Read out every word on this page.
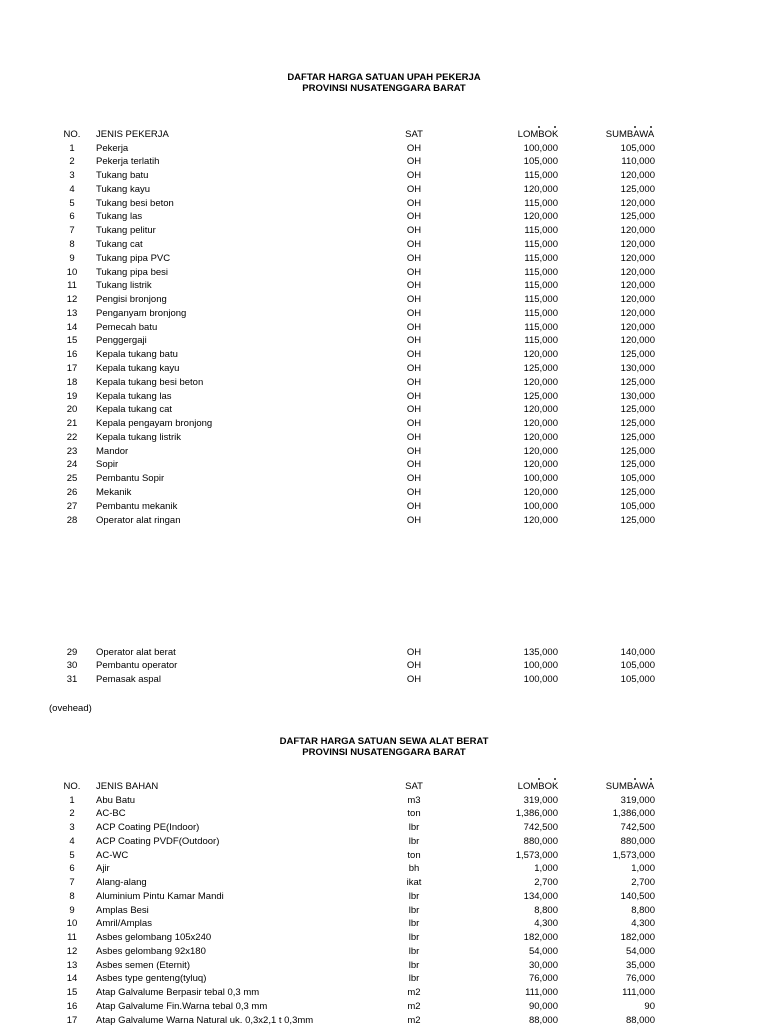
DAFTAR HARGA SATUAN UPAH PEKERJA
PROVINSI NUSATENGGARA BARAT
NO.	JENIS PEKERJA	SAT	LOMBOK	SUMBAWA
1	Pekerja	OH	100,000	105,000
2	Pekerja terlatih	OH	105,000	110,000
3	Tukang batu	OH	115,000	120,000
4	Tukang kayu	OH	120,000	125,000
5	Tukang besi beton	OH	115,000	120,000
6	Tukang las	OH	120,000	125,000
7	Tukang pelitur	OH	115,000	120,000
8	Tukang cat	OH	115,000	120,000
9	Tukang pipa PVC	OH	115,000	120,000
10	Tukang pipa besi	OH	115,000	120,000
11	Tukang listrik	OH	115,000	120,000
12	Pengisi bronjong	OH	115,000	120,000
13	Penganyam bronjong	OH	115,000	120,000
14	Pemecah batu	OH	115,000	120,000
15	Penggergaji	OH	115,000	120,000
16	Kepala tukang batu	OH	120,000	125,000
17	Kepala tukang kayu	OH	125,000	130,000
18	Kepala tukang besi beton	OH	120,000	125,000
19	Kepala tukang las	OH	125,000	130,000
20	Kepala tukang cat	OH	120,000	125,000
21	Kepala pengayam bronjong	OH	120,000	125,000
22	Kepala tukang listrik	OH	120,000	125,000
23	Mandor	OH	120,000	125,000
24	Sopir	OH	120,000	125,000
25	Pembantu Sopir	OH	100,000	105,000
26	Mekanik	OH	120,000	125,000
27	Pembantu mekanik	OH	100,000	105,000
28	Operator alat ringan	OH	120,000	125,000
29	Operator alat berat	OH	135,000	140,000
30	Pembantu operator	OH	100,000	105,000
31	Pemasak aspal	OH	100,000	105,000
(ovehead)
DAFTAR HARGA SATUAN SEWA ALAT BERAT
PROVINSI NUSATENGGARA BARAT
NO.	JENIS BAHAN	SAT	LOMBOK	SUMBAWA
1	Abu Batu	m3	319,000	319,000
2	AC-BC	ton	1,386,000	1,386,000
3	ACP Coating PE(Indoor)	lbr	742,500	742,500
4	ACP Coating PVDF(Outdoor)	lbr	880,000	880,000
5	AC-WC	ton	1,573,000	1,573,000
6	Ajir	bh	1,000	1,000
7	Alang-alang	ikat	2,700	2,700
8	Aluminium Pintu Kamar Mandi	lbr	134,000	140,500
9	Amplas Besi	lbr	8,800	8,800
10	Amril/Amplas	lbr	4,300	4,300
11	Asbes gelombang 105x240	lbr	182,000	182,000
12	Asbes gelombang 92x180	lbr	54,000	54,000
13	Asbes semen (Eternit)	lbr	30,000	35,000
14	Asbes type genteng(tyluq)	lbr	76,000	76,000
15	Atap Galvalume Berpasir tebal 0,3 mm	m2	111,000	111,000
16	Atap Galvalume Fin.Warna tebal 0,3 mm	m2	90,000	90
17	Atap Galvalume Warna Natural uk. 0,3x2,1 t 0,3mm	m2	88,000	88,000
